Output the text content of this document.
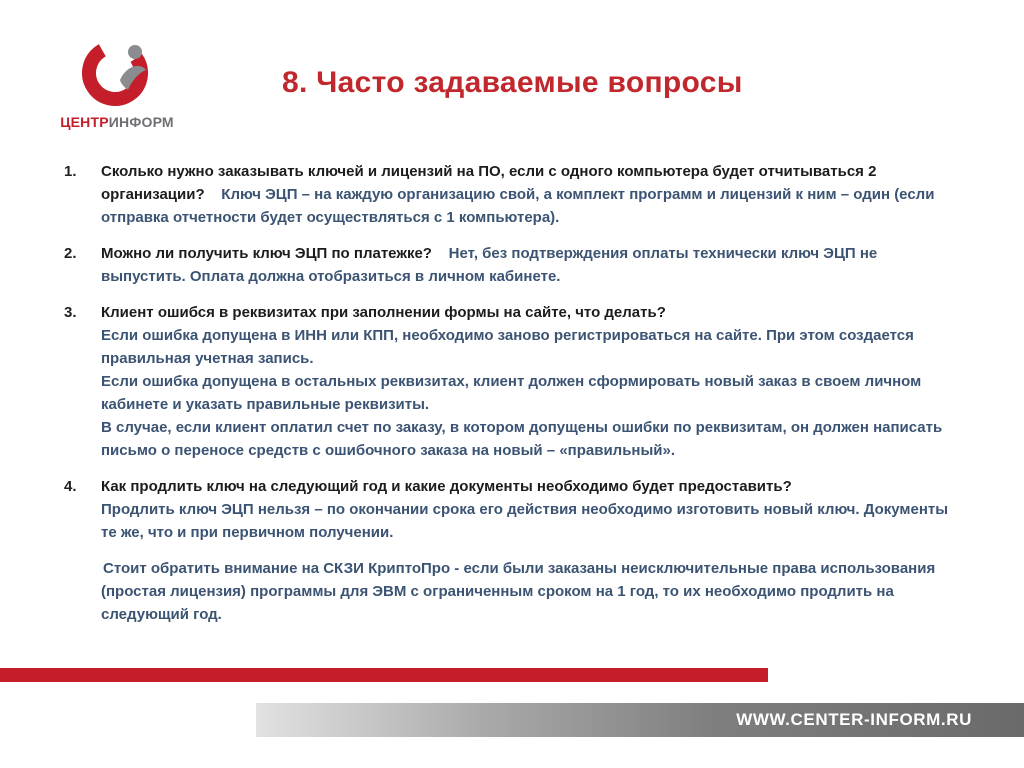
ЦЕНТРИНФОРМ
8. Часто задаваемые вопросы
1. Сколько нужно заказывать ключей и лицензий на ПО, если с одного компьютера будет отчитываться 2 организации? Ключ ЭЦП – на каждую организацию свой, а комплект программ и лицензий к ним – один (если отправка отчетности будет осуществляться с 1 компьютера).
2. Можно ли получить ключ ЭЦП по платежке? Нет, без подтверждения оплаты технически ключ ЭЦП не выпустить. Оплата должна отобразиться в личном кабинете.
3. Клиент ошибся в реквизитах при заполнении формы на сайте, что делать?
Если ошибка допущена в ИНН или КПП, необходимо заново регистрироваться на сайте. При этом создается правильная учетная запись.
Если ошибка допущена в остальных реквизитах, клиент должен сформировать новый заказ в своем личном кабинете и указать правильные реквизиты.
В случае, если клиент оплатил счет по заказу, в котором допущены ошибки по реквизитам, он должен написать письмо о переносе средств с ошибочного заказа на новый – «правильный».
4. Как продлить ключ на следующий год и какие документы необходимо будет предоставить?
Продлить ключ ЭЦП нельзя – по окончании срока его действия необходимо изготовить новый ключ. Документы те же, что и при первичном получении.
Стоит обратить внимание на СКЗИ КриптоПро - если были заказаны неисключительные права использования (простая лицензия) программы для ЭВМ с ограниченным сроком на 1 год, то их необходимо продлить на следующий год.
WWW.CENTER-INFORM.RU
